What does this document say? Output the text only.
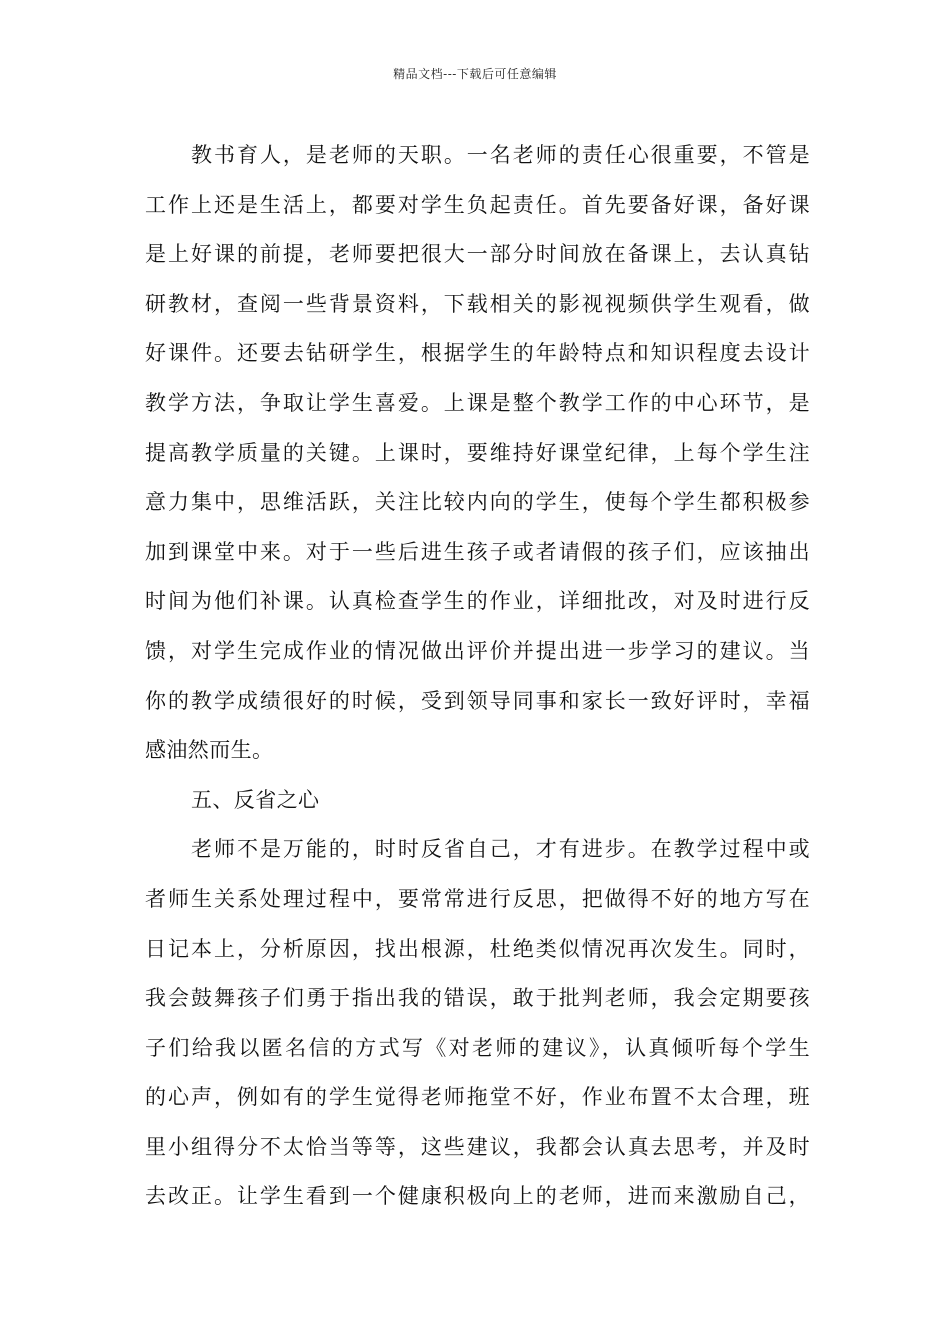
精品文档---下载后可任意编辑
教书育人，是老师的天职。一名老师的责任心很重要，不管是
工作上还是生活上，都要对学生负起责任。首先要备好课，备好课
是上好课的前提，老师要把很大一部分时间放在备课上，去认真钻
研教材，查阅一些背景资料，下载相关的影视视频供学生观看，做
好课件。还要去钻研学生，根据学生的年龄特点和知识程度去设计
教学方法，争取让学生喜爱。上课是整个教学工作的中心环节，是
提高教学质量的关键。上课时，要维持好课堂纪律，上每个学生注
意力集中，思维活跃，关注比较内向的学生，使每个学生都积极参
加到课堂中来。对于一些后进生孩子或者请假的孩子们，应该抽出
时间为他们补课。认真检查学生的作业，详细批改，对及时进行反
馈，对学生完成作业的情况做出评价并提出进一步学习的建议。当
你的教学成绩很好的时候，受到领导同事和家长一致好评时，幸福
感油然而生。
五、反省之心
老师不是万能的，时时反省自己，才有进步。在教学过程中或
者师生关系处理过程中，要常常进行反思，把做得不好的地方写在
日记本上，分析原因，找出根源，杜绝类似情况再次发生。同时，
我会鼓舞孩子们勇于指出我的错误，敢于批判老师，我会定期要孩
子们给我以匿名信的方式写《对老师的建议》，认真倾听每个学生
的心声，例如有的学生觉得老师拖堂不好，作业布置不太合理，班
里小组得分不太恰当等等，这些建议，我都会认真去思考，并及时
去改正。让学生看到一个健康积极向上的老师，进而来激励自己，
